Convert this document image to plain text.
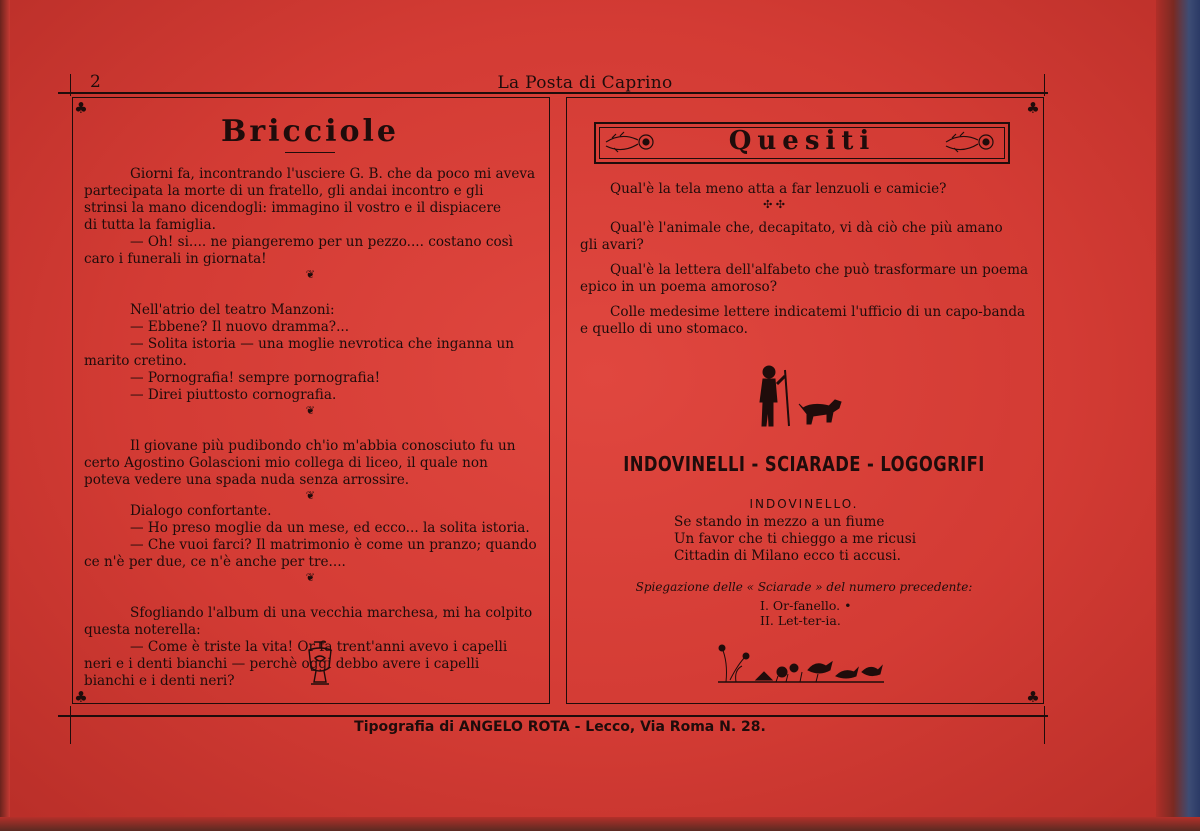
2	La Posta di Caprino
♣
♣
♣
♣
Bricciole

Giorni fa, incontrando l'usciere G. B. che da poco mi aveva

partecipata la morte di un fratello, gli andai incontro e gli

strinsi la mano dicendogli: immagino il vostro e il dispiacere

di tutta la famiglia.

— Oh! si.... ne piangeremo per un pezzo.... costano così

caro i funerali in giornata!

❦

Nell'atrio del teatro Manzoni:

— Ebbene? Il nuovo dramma?...

— Solita istoria — una moglie nevrotica che inganna un

marito cretino.

— Pornografia! sempre pornografia!

— Direi piuttosto cornografia.

❦

Il giovane più pudibondo ch'io m'abbia conosciuto fu un

certo Agostino Golascioni mio collega di liceo, il quale non

poteva vedere una spada nuda senza arrossire.

❦

Dialogo confortante.

— Ho preso moglie da un mese, ed ecco... la solita istoria.

— Che vuoi farci? Il matrimonio è come un pranzo; quando

ce n'è per due, ce n'è anche per tre....

❦

Sfogliando l'album di una vecchia marchesa, mi ha colpito

questa noterella:

— Come è triste la vita! Or fa trent'anni avevo i capelli

neri e i denti bianchi — perchè oggi debbo avere i capelli

bianchi e i denti neri?

Quesiti

Qual'è la tela meno atta a far lenzuoli e camicie?

✣ ✣

Qual'è l'animale che, decapitato, vi dà ciò che più amano

gli avari?

Qual'è la lettera dell'alfabeto che può trasformare un poema

epico in un poema amoroso?

Colle medesime lettere indicatemi l'ufficio di un capo-banda

e quello di uno stomaco.

INDOVINELLI - SCIARADE - LOGOGRIFI
INDOVINELLO.

Se stando in mezzo a un fiume

Un favor che ti chieggo a me ricusi

Cittadin di Milano ecco ti accusi.

Spiegazione delle « Sciarade » del numero precedente:

I. Or-fanello. •

II. Let-ter-ia.

Tipografia di ANGELO ROTA - Lecco, Via Roma N. 28.
